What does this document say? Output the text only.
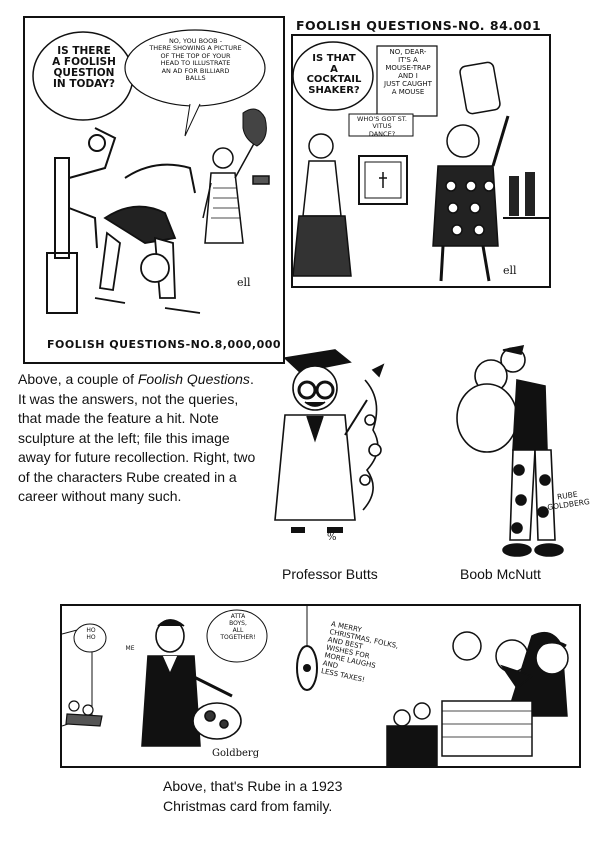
ell
IS THERE
A FOOLISH
QUESTION
IN TODAY?
NO, YOU BOOB -
THERE SHOWING A PICTURE
OF THE TOP OF YOUR
HEAD TO ILLUSTRATE
AN AD FOR BILLIARD
BALLS
FOOLISH QUESTIONS-NO.8,000,000
FOOLISH QUESTIONS-NO. 84.001
ell
IS THAT
A
COCKTAIL
SHAKER?
NO, DEAR-
IT'S A
MOUSE-TRAP
AND I
JUST CAUGHT
A MOUSE
WHO'S GOT ST.
VITUS
DANCE?
Above, a couple of Foolish Questions. It was the answers, not the queries, that made the feature a hit. Note sculpture at the left; file this image away for future recollection. Right, two of the characters Rube created in a career without many such.
%
RUBE
GOLDBERG
Professor Butts	Boob McNutt
Goldberg
HO
HO
ATTA
BOYS,
ALL
TOGETHER!
ME
A MERRY
CHRISTMAS, FOLKS,
AND BEST
WISHES FOR
MORE LAUGHS
AND
LESS TAXES!
Above, that's Rube in a 1923 Christmas card from family.
